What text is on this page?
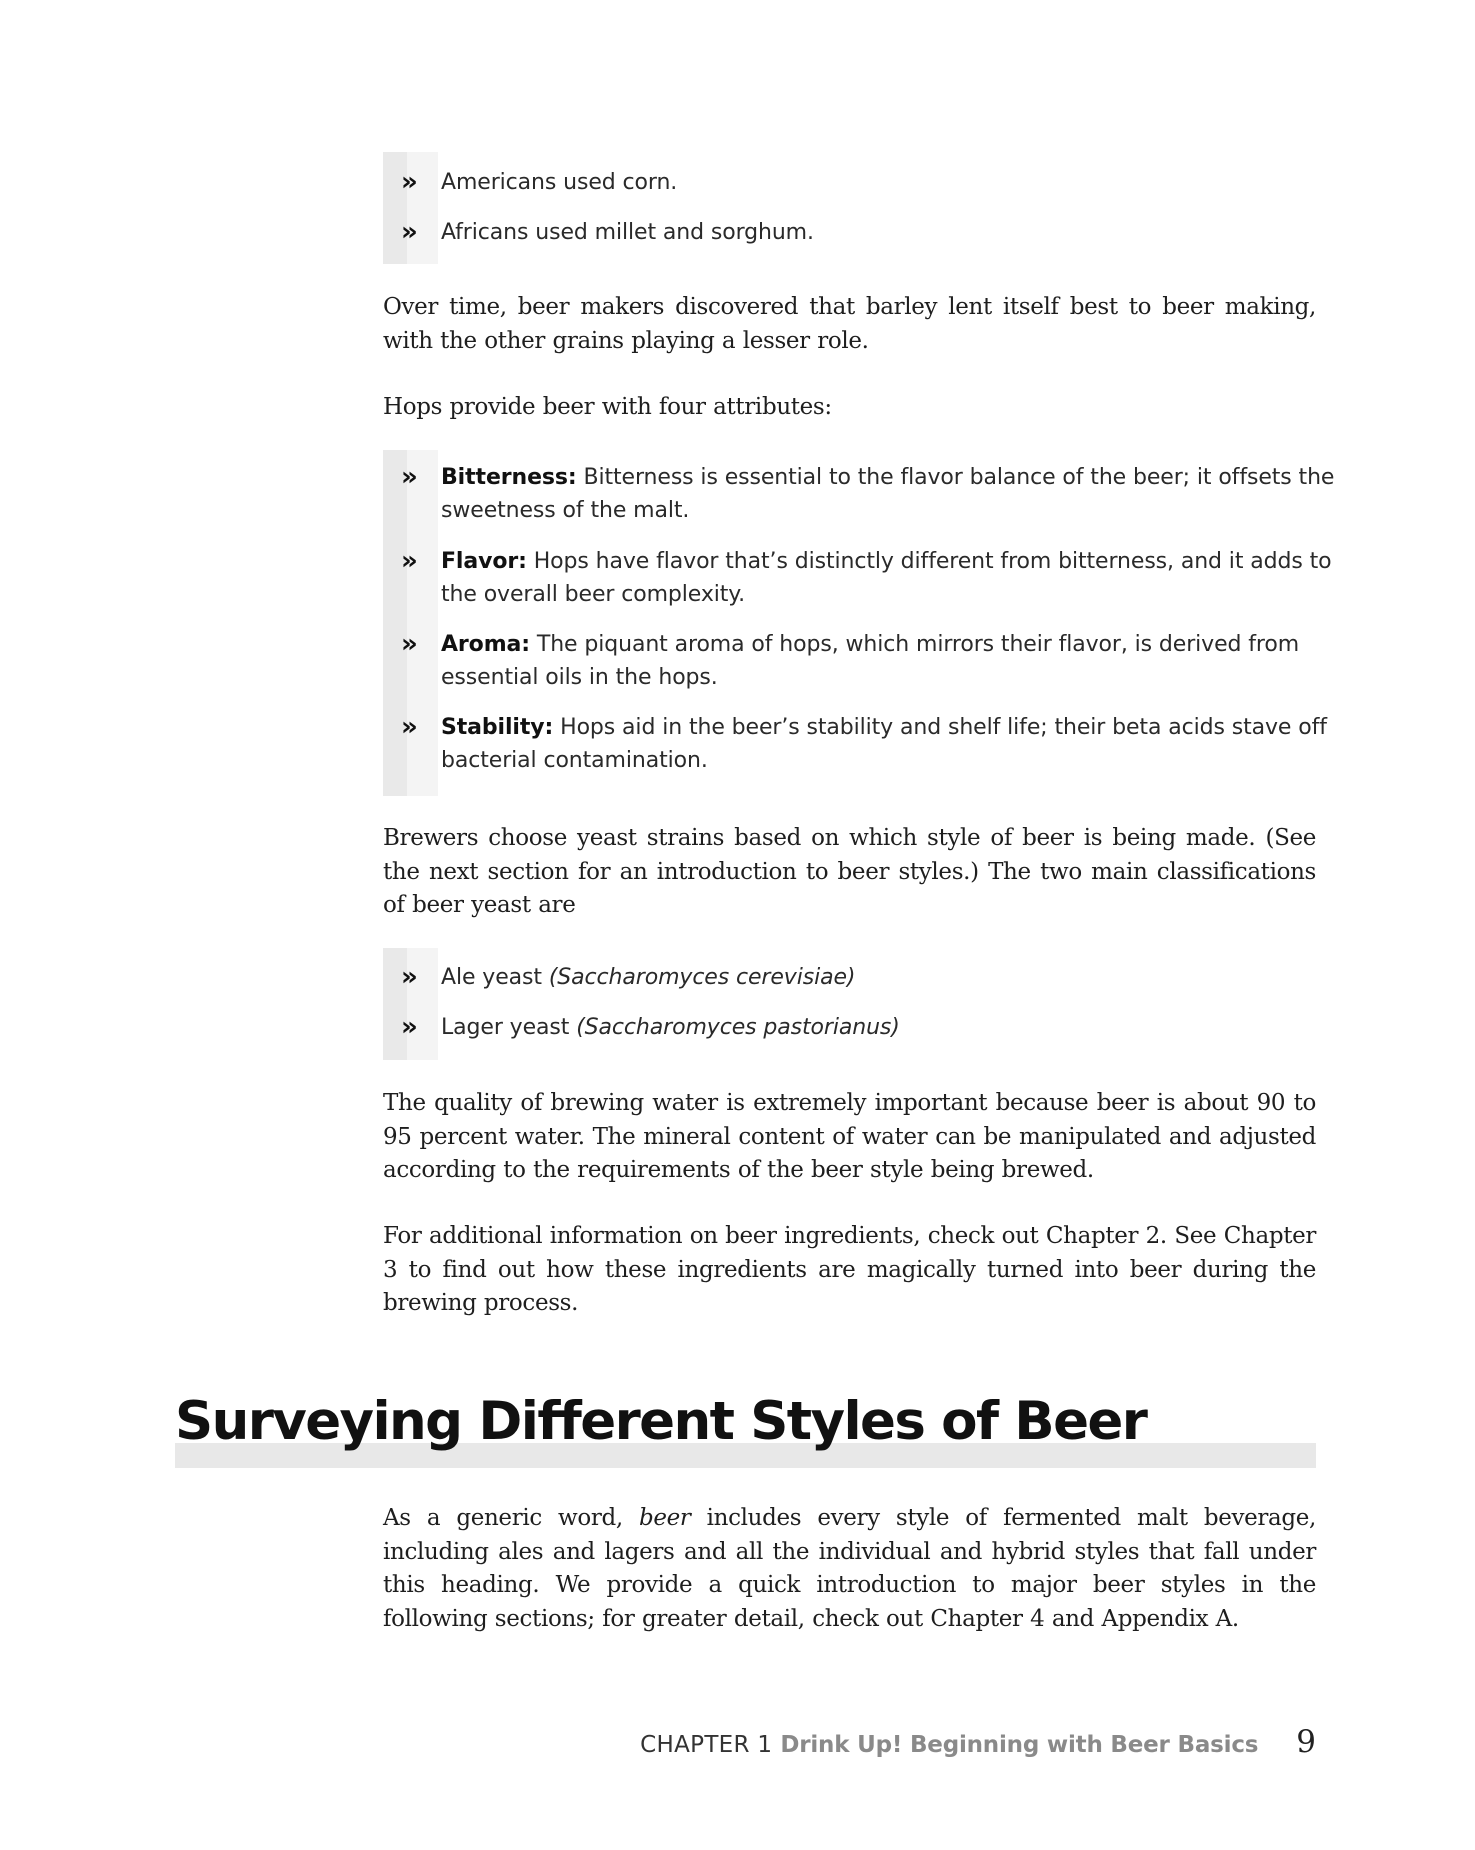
» Americans used corn.
» Africans used millet and sorghum.

Over time, beer makers discovered that barley lent itself best to beer making, with the other grains playing a lesser role.

Hops provide beer with four attributes:

» Bitterness: Bitterness is essential to the flavor balance of the beer; it offsets the sweetness of the malt.
» Flavor: Hops have flavor that’s distinctly different from bitterness, and it adds to the overall beer complexity.
» Aroma: The piquant aroma of hops, which mirrors their flavor, is derived from essential oils in the hops.
» Stability: Hops aid in the beer’s stability and shelf life; their beta acids stave off bacterial contamination.

Brewers choose yeast strains based on which style of beer is being made. (See the next section for an introduction to beer styles.) The two main classifications of beer yeast are

» Ale yeast (Saccharomyces cerevisiae)
» Lager yeast (Saccharomyces pastorianus)

The quality of brewing water is extremely important because beer is about 90 to 95 percent water. The mineral content of water can be manipulated and adjusted according to the requirements of the beer style being brewed.

For additional information on beer ingredients, check out Chapter 2. See Chapter 3 to find out how these ingredients are magically turned into beer during the brewing process.

Surveying Different Styles of Beer

As a generic word, beer includes every style of fermented malt beverage, including ales and lagers and all the individual and hybrid styles that fall under this heading. We provide a quick introduction to major beer styles in the following sections; for greater detail, check out Chapter 4 and Appendix A.

CHAPTER 1 Drink Up! Beginning with Beer Basics 9
